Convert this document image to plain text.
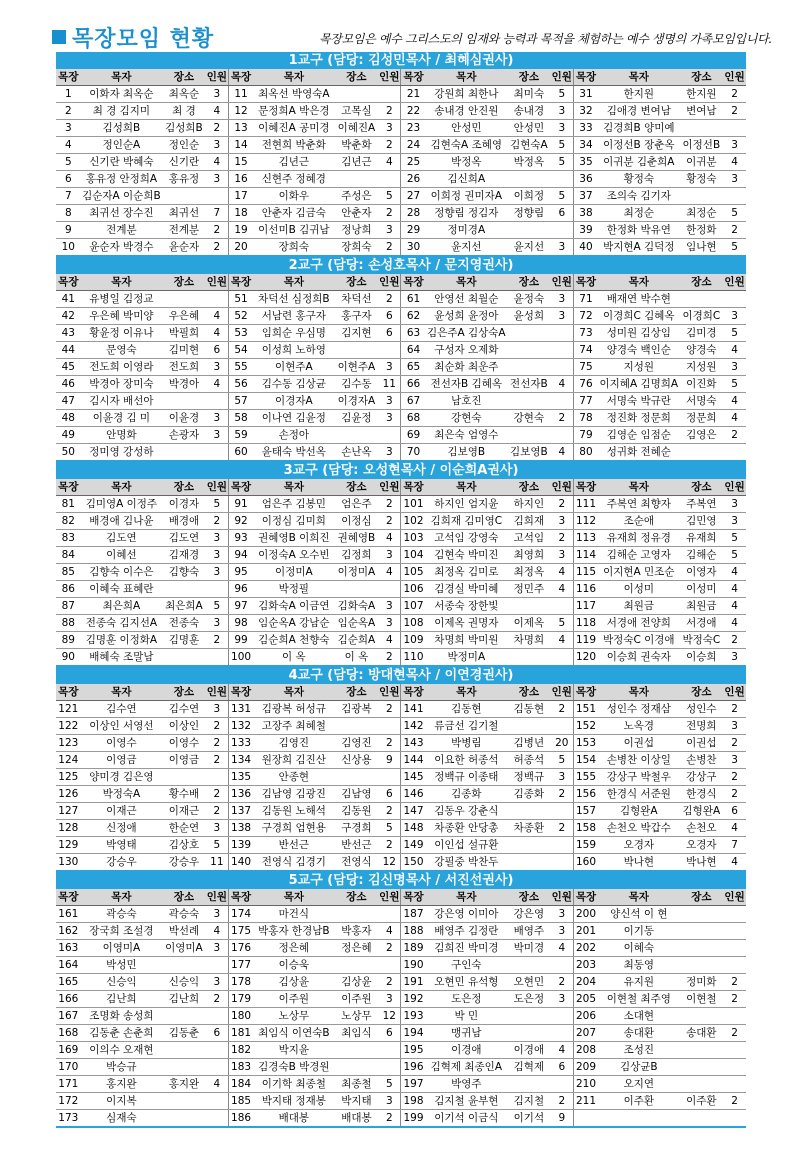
목장모임 현황	목장모임은 예수 그리스도의 임재와 능력과 목적을 체험하는 예수 생명의 가족모임입니다.
1교구 (담당: 김성민목사 / 최혜심권사)
목장	목자	장소	인원	목장	목자	장소	인원	목장	목자	장소	인원	목장	목자	장소	인원
1	이화자 최옥순	최옥순	3	11	최옥선 박영숙A			21	강원희 최한나	최미숙	5	31	한지원	한지원	2
2	최 경 김지미	최 경	4	12	문정희A 박은경	고목실	2	22	송내경 안진원	송내경	3	32	김애경 변여남	변여남	2
3	김성희B	김성희B	2	13	이혜진A 공미경	이혜진A	3	23	안성민	안성민	3	33	김경희B 양미예		
4	정인순A	정인순	3	14	전현희 박춘화	박춘화	2	24	김현숙A 조혜영	김현숙A	5	34	이정선B 장춘옥	이정선B	3
5	신기란 박혜숙	신기란	4	15	김년근	김년근	4	25	박정옥	박정옥	5	35	이귀분 김춘희A	이귀분	4
6	홍유정 안정희A	홍유정	3	16	신현주 정혜경			26	김신희A			36	황정숙	황정숙	3
7	김순자A 이순희B			17	이화우	주성은	5	27	이희정 권미자A	이희정	5	37	조의숙 김기자		
8	최귀선 장수진	최귀선	7	18	안춘자 김금숙	안춘자	2	28	정향림 정김자	정향림	6	38	최정순	최정순	5
9	전계분	전계분	2	19	이선미B 김귀남	정낭희	3	29	정미경A			39	한정화 박유연	한정화	2
10	윤순자 박경수	윤순자	2	20	장희숙	장희숙	2	30	윤지선	윤지선	3	40	박지현A 김덕정	임나현	5
2교구 (담당: 손성호목사 / 문지영권사)
목장	목자	장소	인원	목장	목자	장소	인원	목장	목자	장소	인원	목장	목자	장소	인원
41	유병일 김정교			51	차덕선 심정희B	차덕선	2	61	안영선 최월순	윤정숙	3	71	배재연 박수현		
42	우은혜 박미양	우은혜	4	52	서남련 홍구자	홍구자	6	62	윤성희 윤정아	윤성희	3	72	이경희C 김혜옥	이경희C	3
43	황윤정 이유나	박필희	4	53	임희순 우심명	김지현	6	63	김은주A 김상숙A			73	성미원 김상임	김미경	5
44	문영숙	김미현	6	54	이성희 노하영			64	구성자 오제화			74	양경숙 백인순	양경숙	4
45	전도희 이영라	전도희	3	55	이현주A	이현주A	3	65	최순화 최운주			75	지성원	지성원	3
46	박경아 장미숙	박경아	4	56	김수동 김상균	김수동	11	66	전선자B 김혜옥	전선자B	4	76	이지혜A 김명희A	이진화	5
47	김시자 배선아			57	이경자A	이경자A	3	67	남호진			77	서명숙 박규란	서명숙	4
48	이윤경 김 미	이윤경	3	58	이나연 김윤정	김윤정	3	68	강현숙	강현숙	2	78	정진화 정문희	정문희	4
49	안명화	손광자	3	59	손정아			69	최은숙 엄영수			79	김영순 임점순	김영은	2
50	정미영 강성하			60	윤태숙 박선옥	손난옥	3	70	김보영B	김보영B	4	80	성귀화 전혜순		
3교구 (담당: 오성현목사 / 이순희A권사)
목장	목자	장소	인원	목장	목자	장소	인원	목장	목자	장소	인원	목장	목자	장소	인원
81	김미영A 이정주	이경자	5	91	엄은주 김봉민	엄은주	2	101	하지인 엄지윤	하지인	2	111	주복연 최향자	주복연	3
82	배경애 김나윤	배경애	2	92	이정심 김미희	이정심	2	102	김희재 김미영C	김희재	3	112	조순애	김민영	3
83	김도연	김도연	3	93	권혜영B 이희진	권혜영B	4	103	고석임 강영숙	고석임	2	113	유재희 정유경	유재희	5
84	이혜선	김재경	3	94	이정숙A 오수빈	김정희	3	104	김현숙 박미진	최영희	3	114	김해순 고영자	김해순	5
85	김향숙 이수은	김향숙	3	95	이정미A	이정미A	4	105	최정옥 김미로	최정옥	4	115	이지현A 민조순	이영자	4
86	이혜숙 표혜란			96	박정필			106	김경실 박미혜	정민주	4	116	이성미	이성미	4
87	최은희A	최은희A	5	97	김화숙A 이금연	김화숙A	3	107	서종숙 장한빛			117	최원금	최원금	4
88	전종숙 김지선A	전종숙	3	98	임순옥A 강남순	임순옥A	3	108	이제옥 권명자	이제옥	5	118	서경애 전양희	서경애	4
89	김명훈 이정화A	김명훈	2	99	김순희A 천향숙	김순희A	4	109	차명희 박미원	차명희	4	119	박정숙C 이경애	박정숙C	2
90	배혜숙 조말남			100	이 옥	이 옥	2	110	박정미A			120	이승희 권숙자	이승희	3
4교구 (담당: 방대현목사 / 이연경권사)
목장	목자	장소	인원	목장	목자	장소	인원	목장	목자	장소	인원	목장	목자	장소	인원
121	김수연	김수연	3	131	김광복 허성규	김광복	2	141	김동현	김동현	2	151	성인수 정재삼	성인수	2
122	이상인 서영선	이상인	2	132	고장주 최혜철			142	류금선 김기철			152	노옥경	전명희	3
123	이영수	이영수	2	133	김영진	김영진	2	143	박병림	김병년	20	153	이권섭	이권섭	2
124	이영금	이영금	2	134	원장희 김진산	신상용	9	144	이요한 허종석	허종석	5	154	손병찬 이상일	손병찬	3
125	양미경 김은영			135	안종현			145	정백규 이종태	정백규	3	155	강상구 박철우	강상구	2
126	박정숙A	황수배	2	136	김남영 김광진	김남영	6	146	김종화	김종화	2	156	한경식 서준원	한경식	2
127	이재근	이재근	2	137	김동원 노해석	김동원	2	147	김동우 강춘식			157	김형완A	김형완A	6
128	신정애	한순연	3	138	구경희 엄현용	구경희	5	148	차종환 안당총	차종환	2	158	손천오 박갑수	손천오	4
129	박영태	김상호	5	139	반선근	반선근	2	149	이인섭 설규환			159	오경자	오경자	7
130	강승우	강승우	11	140	전영식 김경기	전영식	12	150	강필중 박찬두			160	박나현	박나현	4
5교구 (담당: 김신명목사 / 서진선권사)
목장	목자	장소	인원	목장	목자	장소	인원	목장	목자	장소	인원	목장	목자	장소	인원
161	곽승숙	곽승숙	3	174	마건식			187	강은영 이미아	강은영	3	200	양신석 이 현		
162	장국희 조설경	박선례	4	175	박홍자 한경남B	박홍자	4	188	배영주 김정란	배영주	3	201	이기동		
163	이영미A	이영미A	3	176	정은혜	정은혜	2	189	김희진 박미경	박미경	4	202	이혜숙		
164	박성민			177	이승욱			190	구인숙			203	최동영		
165	신승익	신승익	3	178	김상윤	김상윤	2	191	오현민 유석형	오현민	2	204	유지원	정미화	2
166	김난희	김난희	2	179	이주원	이주원	3	192	도은정	도은정	3	205	이현철 최주영	이현철	2
167	조명화 송성희			180	노상무	노상무	12	193	박 민			206	소대현		
168	김동춘 손춘희	김동춘	6	181	최임식 이연숙B	최임식	6	194	맹귀남			207	송대환	송대환	2
169	이의수 오재현			182	박지윤			195	이경애	이경애	4	208	조성진		
170	박승규			183	김경숙B 박경원			196	김혁제 최종인A	김혁제	6	209	김상균B		
171	홍지완	홍지완	4	184	이기학 최종철	최종철	5	197	박영주			210	오지연		
172	이지복			185	박지태 정재봉	박지태	3	198	김지철 윤부현	김지철	2	211	이주환	이주환	2
173	심재숙			186	배대봉	배대봉	2	199	이기석 이금식	이기석	9				
